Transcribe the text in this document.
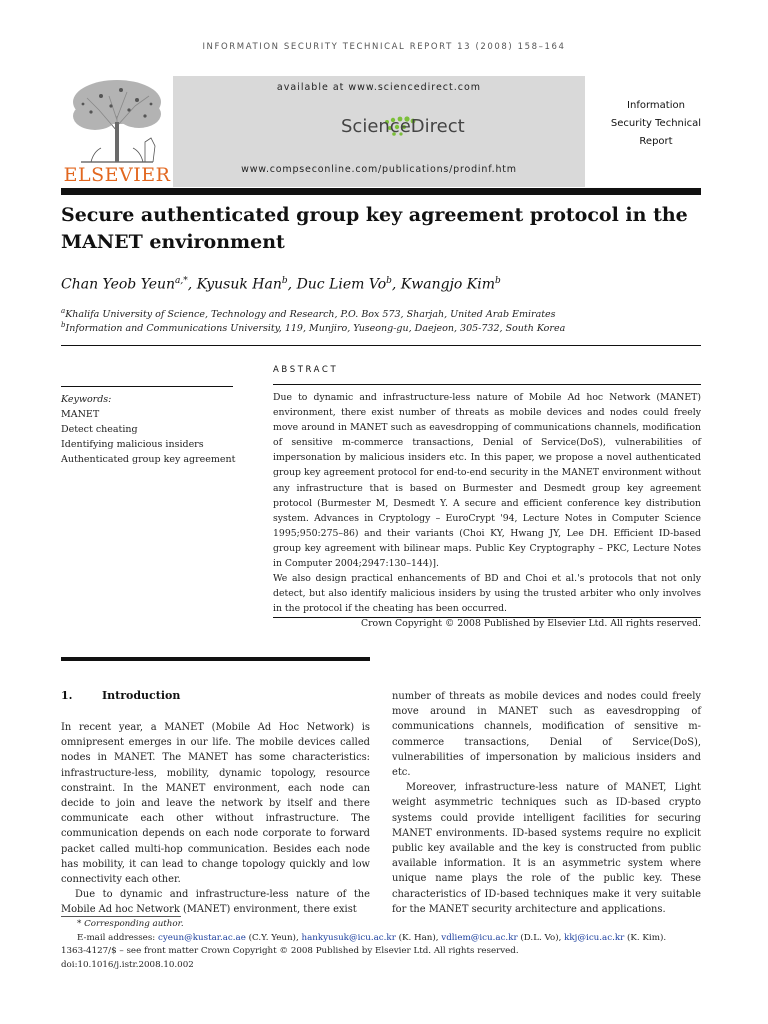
INFORMATION SECURITY TECHNICAL REPORT 13 (2008) 158–164
ELSEVIER
available at www.sciencedirect.com
ScienceDirect
www.compseconline.com/publications/prodinf.htm
Information
Security Technical
Report
Secure authenticated group key agreement protocol in the MANET environment
Chan Yeob Yeun$^{a,*}$, Kyusuk Han$^b$, Duc Liem Vo$^b$, Kwangjo Kim$^b$
$^a$Khalifa University of Science, Technology and Research, P.O. Box 573, Sharjah, United Arab Emirates
$^b$Information and Communications University, 119, Munjiro, Yuseong-gu, Daejeon, 305-732, South Korea
ABSTRACT
Keywords:
MANET
Detect cheating
Identifying malicious insiders
Authenticated group key agreement

Due to dynamic and infrastructure-less nature of Mobile Ad hoc Network (MANET) environment, there exist number of threats as mobile devices and nodes could freely move around in MANET such as eavesdropping of communications channels, modification of sensitive m-commerce transactions, Denial of Service(DoS), vulnerabilities of impersonation by malicious insiders etc. In this paper, we propose a novel authenticated group key agreement protocol for end-to-end security in the MANET environment without any infrastructure that is based on Burmester and Desmedt group key agreement protocol (Burmester M, Desmedt Y. A secure and efficient conference key distribution system. Advances in Cryptology – EuroCrypt '94, Lecture Notes in Computer Science 1995;950:275–86) and their variants (Choi KY, Hwang JY, Lee DH. Efficient ID-based group key agreement with bilinear maps. Public Key Cryptography – PKC, Lecture Notes in Computer 2004;2947:130–144)].

We also design practical enhancements of BD and Choi et al.'s protocols that not only detect, but also identify malicious insiders by using the trusted arbiter who only involves in the protocol if the cheating has been occurred.

Crown Copyright © 2008 Published by Elsevier Ltd. All rights reserved.

1.	Introduction

In recent year, a MANET (Mobile Ad Hoc Network) is omnipresent emerges in our life. The mobile devices called nodes in MANET. The MANET has some characteristics: infrastructure-less, mobility, dynamic topology, resource constraint. In the MANET environment, each node can decide to join and leave the network by itself and there communicate each other without infrastructure. The communication depends on each node corporate to forward packet called multi-hop communication. Besides each node has mobility, it can lead to change topology quickly and low connectivity each other.

Due to dynamic and infrastructure-less nature of the Mobile Ad hoc Network (MANET) environment, there exist

number of threats as mobile devices and nodes could freely move around in MANET such as eavesdropping of communications channels, modification of sensitive m-commerce transactions, Denial of Service(DoS), vulnerabilities of impersonation by malicious insiders and etc.

Moreover, infrastructure-less nature of MANET, Light weight asymmetric techniques such as ID-based crypto systems could provide intelligent facilities for securing MANET environments. ID-based systems require no explicit public key available and the key is constructed from public available information. It is an asymmetric system where unique name plays the role of the public key. These characteristics of ID-based techniques make it very suitable for the MANET security architecture and applications.

* Corresponding author.
E-mail addresses: cyeun@kustar.ac.ae (C.Y. Yeun), hankyusuk@icu.ac.kr (K. Han), vdliem@icu.ac.kr (D.L. Vo), kkj@icu.ac.kr (K. Kim).
1363-4127/$ – see front matter Crown Copyright © 2008 Published by Elsevier Ltd. All rights reserved.
doi:10.1016/j.istr.2008.10.002
